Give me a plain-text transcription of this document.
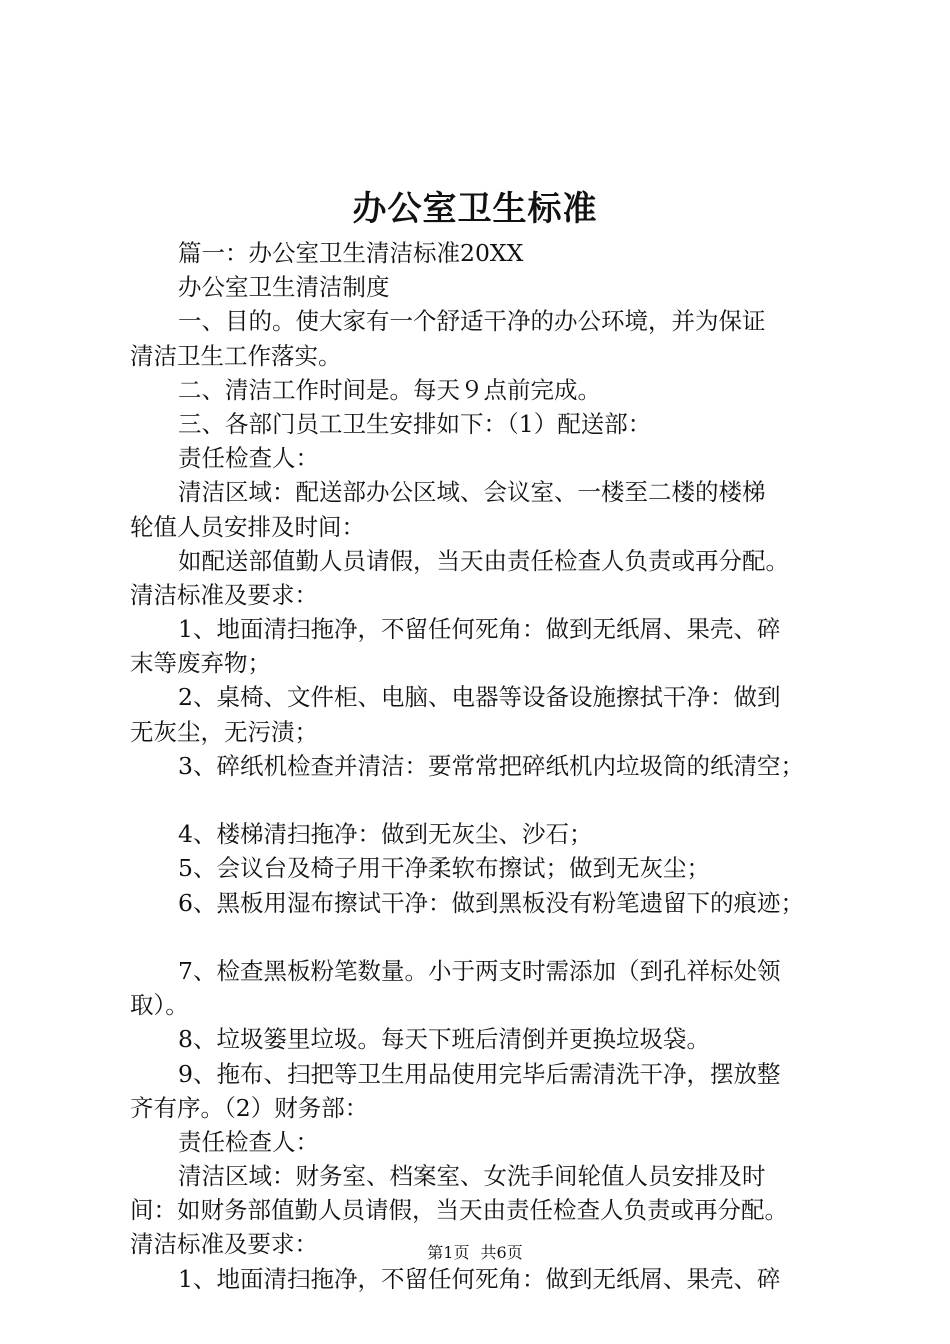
办公室卫生标准
篇一：办公室卫生清洁标准20XX
办公室卫生清洁制度
一、目的。使大家有一个舒适干净的办公环境，并为保证
清洁卫生工作落实。
二、清洁工作时间是。每天９点前完成。
三、各部门员工卫生安排如下：（1）配送部：
责任检查人：
清洁区域：配送部办公区域、会议室、一楼至二楼的楼梯
轮值人员安排及时间：
如配送部值勤人员请假，当天由责任检查人负责或再分配。
清洁标准及要求：
1、地面清扫拖净，不留任何死角：做到无纸屑、果壳、碎
末等废弃物；
2、桌椅、文件柜、电脑、电器等设备设施擦拭干净：做到
无灰尘，无污渍；
3、碎纸机检查并清洁：要常常把碎纸机内垃圾筒的纸清空；
4、楼梯清扫拖净：做到无灰尘、沙石；
5、会议台及椅子用干净柔软布擦试；做到无灰尘；
6、黑板用湿布擦试干净：做到黑板没有粉笔遗留下的痕迹；
7、检查黑板粉笔数量。小于两支时需添加（到孔祥标处领
取）。
8、垃圾篓里垃圾。每天下班后清倒并更换垃圾袋。
9、拖布、扫把等卫生用品使用完毕后需清洗干净，摆放整
齐有序。（2）财务部：
责任检查人：
清洁区域：财务室、档案室、女洗手间轮值人员安排及时
间：如财务部值勤人员请假，当天由责任检查人负责或再分配。
清洁标准及要求：
1、地面清扫拖净，不留任何死角：做到无纸屑、果壳、碎
第1页 共6页
